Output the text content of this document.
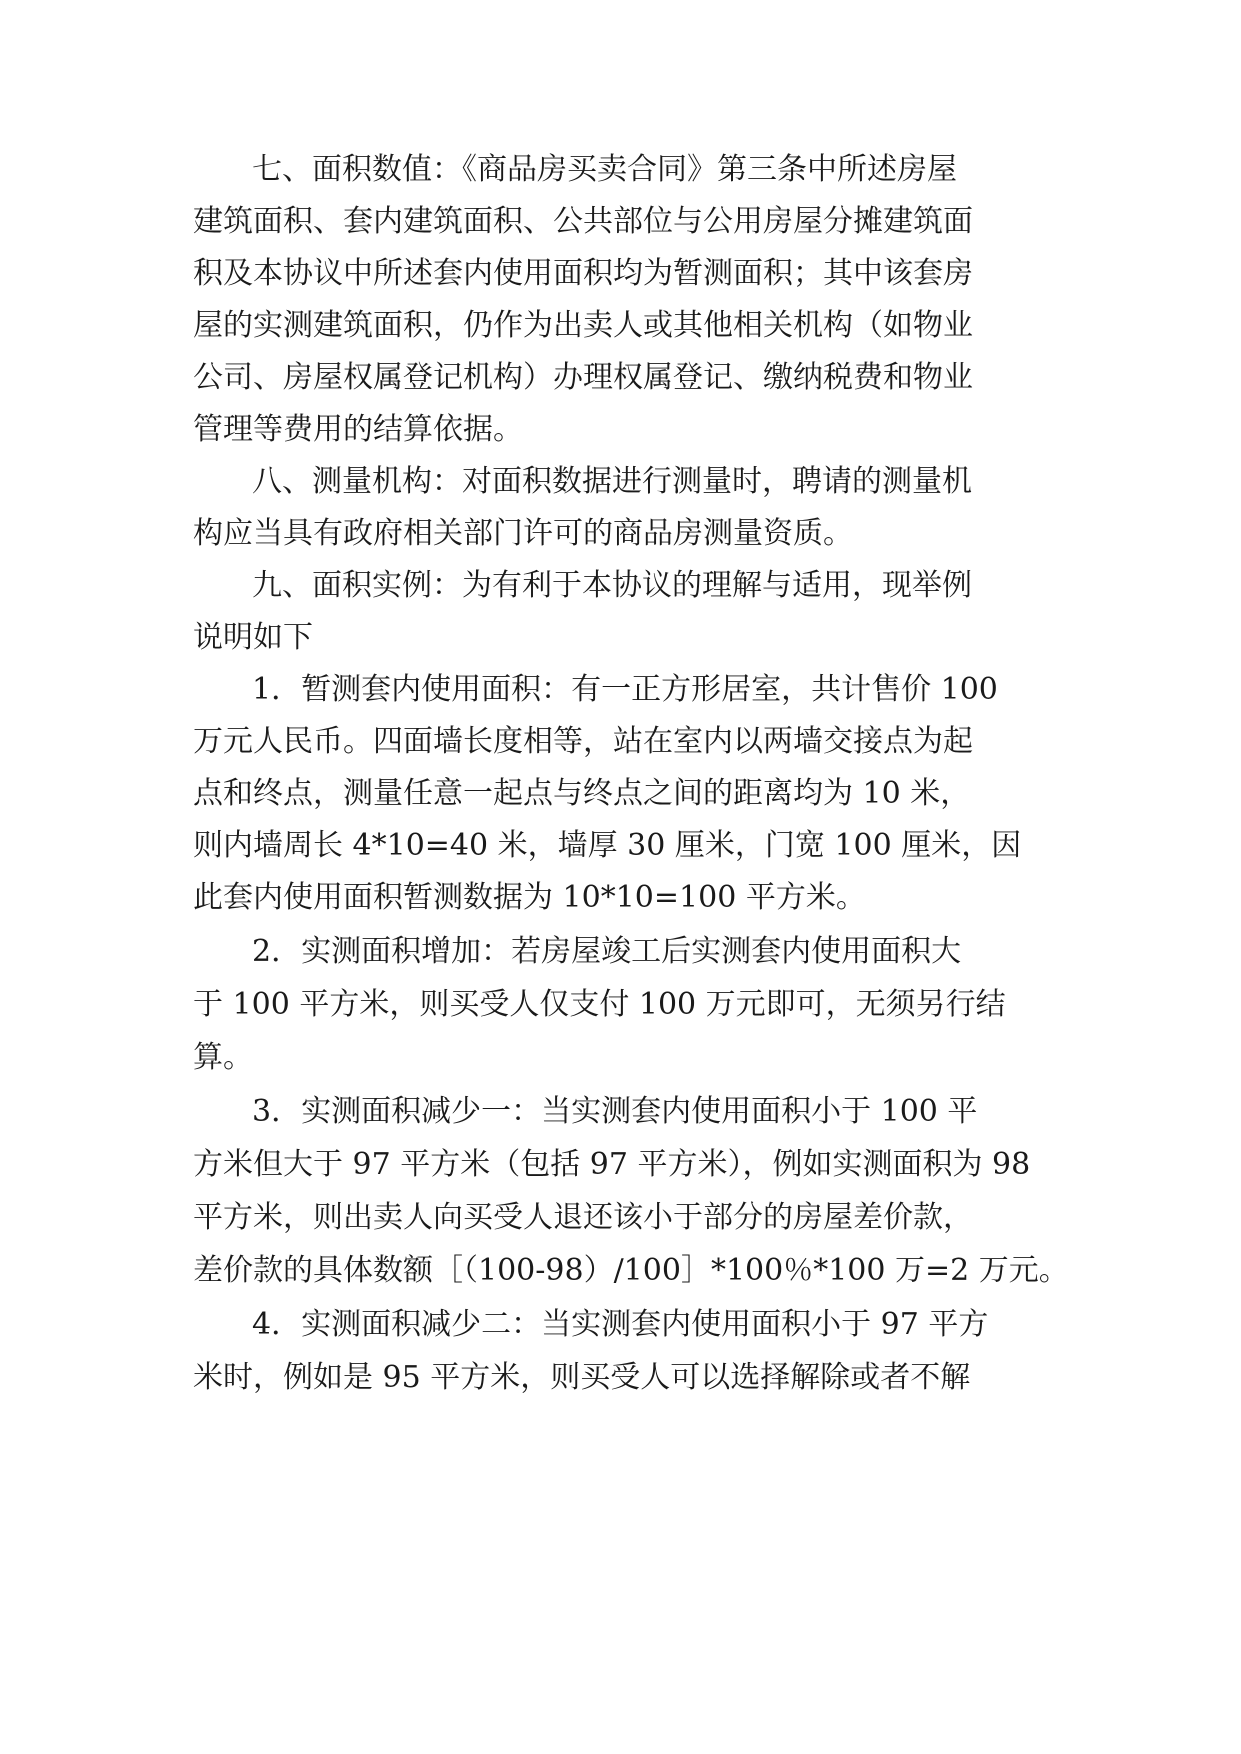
七、面积数值：《商品房买卖合同》第三条中所述房屋
建筑面积、套内建筑面积、公共部位与公用房屋分摊建筑面
积及本协议中所述套内使用面积均为暂测面积；其中该套房
屋的实测建筑面积，仍作为出卖人或其他相关机构（如物业
公司、房屋权属登记机构）办理权属登记、缴纳税费和物业
管理等费用的结算依据。
八、测量机构：对面积数据进行测量时，聘请的测量机
构应当具有政府相关部门许可的商品房测量资质。
九、面积实例：为有利于本协议的理解与适用，现举例
说明如下
1．暂测套内使用面积：有一正方形居室，共计售价 100
万元人民币。四面墙长度相等，站在室内以两墙交接点为起
点和终点，测量任意一起点与终点之间的距离均为 10 米，
则内墙周长 4*10=40 米，墙厚 30 厘米，门宽 100 厘米，因
此套内使用面积暂测数据为 10*10=100 平方米。
2．实测面积增加：若房屋竣工后实测套内使用面积大
于 100 平方米，则买受人仅支付 100 万元即可，无须另行结
算。
3．实测面积减少一：当实测套内使用面积小于 100 平
方米但大于 97 平方米（包括 97 平方米），例如实测面积为 98
平方米，则出卖人向买受人退还该小于部分的房屋差价款，
差价款的具体数额［（100-98）/100］*100％*100 万=2 万元。
4．实测面积减少二：当实测套内使用面积小于 97 平方
米时，例如是 95 平方米，则买受人可以选择解除或者不解
